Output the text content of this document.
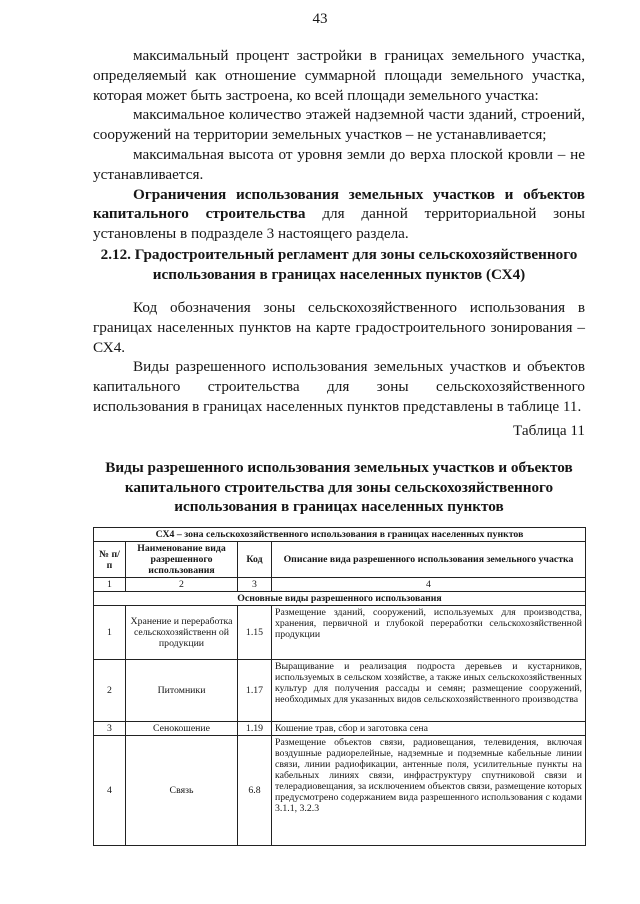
43

максимальный процент застройки в границах земельного участка, определяемый как отношение суммарной площади земельного участка, которая может быть застроена, ко всей площади земельного участка:

максимальное количество этажей надземной части зданий, строений, сооружений на территории земельных участков – не устанавливается;

максимальная высота от уровня земли до верха плоской кровли – не устанавливается.

Ограничения использования земельных участков и объектов капитального строительства для данной территориальной зоны установлены в подразделе 3 настоящего раздела.

2.12. Градостроительный регламент для зоны сельскохозяйственного использования в границах населенных пунктов (СХ4)

Код обозначения зоны сельскохозяйственного использования в границах населенных пунктов на карте градостроительного зонирования – СХ4.

Виды разрешенного использования земельных участков и объектов капитального строительства для зоны сельскохозяйственного использования в границах населенных пунктов представлены в таблице 11.

Таблица 11
Виды разрешенного использования земельных участков и объектов капитального строительства для зоны сельскохозяйственного использования в границах населенных пунктов
СХ4 – зона сельскохозяйственного использования в границах населенных пунктов			
№ п/п	Наименование вида разрешенного использования	Код	Описание вида разрешенного использования земельного участка
1	2	3	4
Основные виды разрешенного использования			
1	Хранение и переработка сельскохозяйственн ой продукции	1.15	Размещение зданий, сооружений, используемых для производства, хранения, первичной и глубокой переработки сельскохозяйственной продукции
2	Питомники	1.17	Выращивание и реализация подроста деревьев и кустарников, используемых в сельском хозяйстве, а также иных сельскохозяйственных культур для получения рассады и семян; размещение сооружений, необходимых для указанных видов сельскохозяйственного производства
3	Сенокошение	1.19	Кошение трав, сбор и заготовка сена
4	Связь	6.8	Размещение объектов связи, радиовещания, телевидения, включая воздушные радиорелейные, надземные и подземные кабельные линии связи, линии радиофикации, антенные поля, усилительные пункты на кабельных линиях связи, инфраструктуру спутниковой связи и телерадиовещания, за исключением объектов связи, размещение которых предусмотрено содержанием вида разрешенного использования с кодами 3.1.1, 3.2.3
